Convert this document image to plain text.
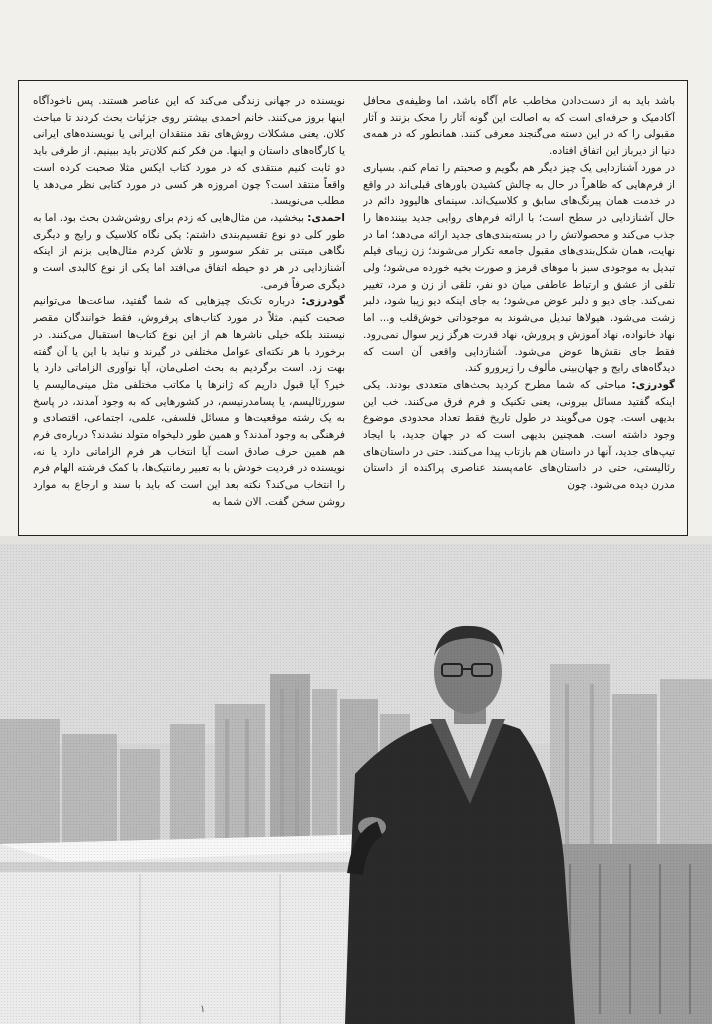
باشد باید به از دست‌دادن مخاطب عام آگاه باشد، اما وظیفه‌ی محافل آکادمیک و حرفه‌ای است که به اصالت این گونه آثار را محک بزنند و آثار مقبولی را که در این دسته می‌گنجند معرفی کنند. همانطور که در همه‌ی دنیا از دیرباز این اتفاق افتاده.

در مورد آشنازدایی یک چیز دیگر هم بگویم و صحبتم را تمام کنم. بسیاری از فرم‌هایی که ظاهراً در حال به چالش کشیدن باورهای قبلی‌اند در واقع در خدمت همان پیرنگ‌های سابق و کلاسیک‌اند. سینمای هالیوود دائم در حال آشنازدایی در سطح است؛ با ارائه فرم‌های روایی جدید بیننده‌ها را جذب می‌کند و محصولاتش را در بسته‌بندی‌های جدید ارائه می‌دهد؛ اما در نهایت، همان شکل‌بندی‌های مقبول جامعه تکرار می‌شوند؛ زن زیبای فیلم تبدیل به موجودی سبز با موهای قرمز و صورت بخیه خورده می‌شود؛ ولی تلقی از عشق و ارتباط عاطفی میان دو نفر، تلقی از زن و مرد، تغییر نمی‌کند. جای دیو و دلبر عوض می‌شود؛ به جای اینکه دیو زیبا شود، دلبر زشت می‌شود. هیولاها تبدیل می‌شوند به موجوداتی خوش‌قلب و... اما نهاد خانواده، نهاد آموزش و پرورش، نهاد قدرت هرگز زیر سوال نمی‌رود. فقط جای نقش‌ها عوض می‌شود. آشنازدایی واقعی آن است که دیدگاه‌های رایج و جهان‌بینی مألوف را زیرورو کند.

گودرزی: مباحثی که شما مطرح کردید بحث‌های متعددی بودند. یکی اینکه گفتید مسائل بیرونی، یعنی تکنیک و فرم فرق می‌کنند. خب این بدیهی است. چون می‌گویند در طول تاریخ فقط تعداد محدودی موضوع وجود داشته است. همچنین بدیهی است که در جهان جدید، با ایجاد تیپ‌های جدید، آنها در داستان هم بازتاب پیدا می‌کنند. حتی در داستان‌های رئالیستی، حتی در داستان‌های عامه‌پسند عناصری پراکنده از داستان مدرن دیده می‌شود. چون

نویسنده در جهانی زندگی می‌کند که این عناصر هستند. پس ناخودآگاه اینها بروز می‌کنند. خانم احمدی بیشتر روی جزئیات بحث کردند تا مباحث کلان. یعنی مشکلات روش‌های نقد منتقدان ایرانی یا نویسنده‌های ایرانی یا کارگاه‌های داستان و اینها. من فکر کنم کلان‌تر باید ببینیم. از طرفی باید دو ثابت کنیم منتقدی که در مورد کتاب ایکس مثلا صحبت کرده است واقعاً منتقد است؟ چون امروزه هر کسی در مورد کتابی نظر می‌دهد یا مطلب می‌نویسد.

احمدی: ببخشید، من مثال‌هایی که زدم برای روشن‌شدن بحث بود. اما به طور کلی دو نوع تقسیم‌بندی داشتم: یکی نگاه کلاسیک و رایج و دیگری نگاهی مبتنی بر تفکر سوسور و تلاش کردم مثال‌هایی بزنم از اینکه آشنازدایی در هر دو حیطه اتفاق می‌افتد اما یکی از نوع کالبدی است و دیگری صرفاً فرمی.

گودرزی: درباره تک‌تک چیزهایی که شما گفتید، ساعت‌ها می‌توانیم صحبت کنیم. مثلاً در مورد کتاب‌های پرفروش، فقط خوانندگان مقصر نیستند بلکه خیلی ناشرها هم از این نوع کتاب‌ها استقبال می‌کنند. در برخورد با هر نکته‌ای عوامل مختلفی در گیرند و نباید با این یا آن گفته بهت زد. است برگردیم به بحث اصلی‌مان، آیا نوآوری الزاماتی دارد یا خیر؟ آیا قبول داریم که ژانرها یا مکاتب مختلفی مثل مینی‌مالیسم یا سوررئالیسم، یا پسامدرنیسم، در کشورهایی که به وجود آمدند، در پاسخ به یک رشته موقعیت‌ها و مسائل فلسفی، علمی، اجتماعی، اقتصادی و فرهنگی به وجود آمدند؟ و همین طور دلیخواه متولد نشدند؟ درباره‌ی فرم هم همین حرف صادق است آیا انتخاب هر فرم الزاماتی دارد یا نه، نویسنده در فردیت خودش با به تعبیر رمانتیک‌ها، با کمک فرشته الهام فرم را انتخاب می‌کند؟ نکته بعد این است که باید با سند و ارجاع به موارد روشن سخن گفت. الان شما به

۱
